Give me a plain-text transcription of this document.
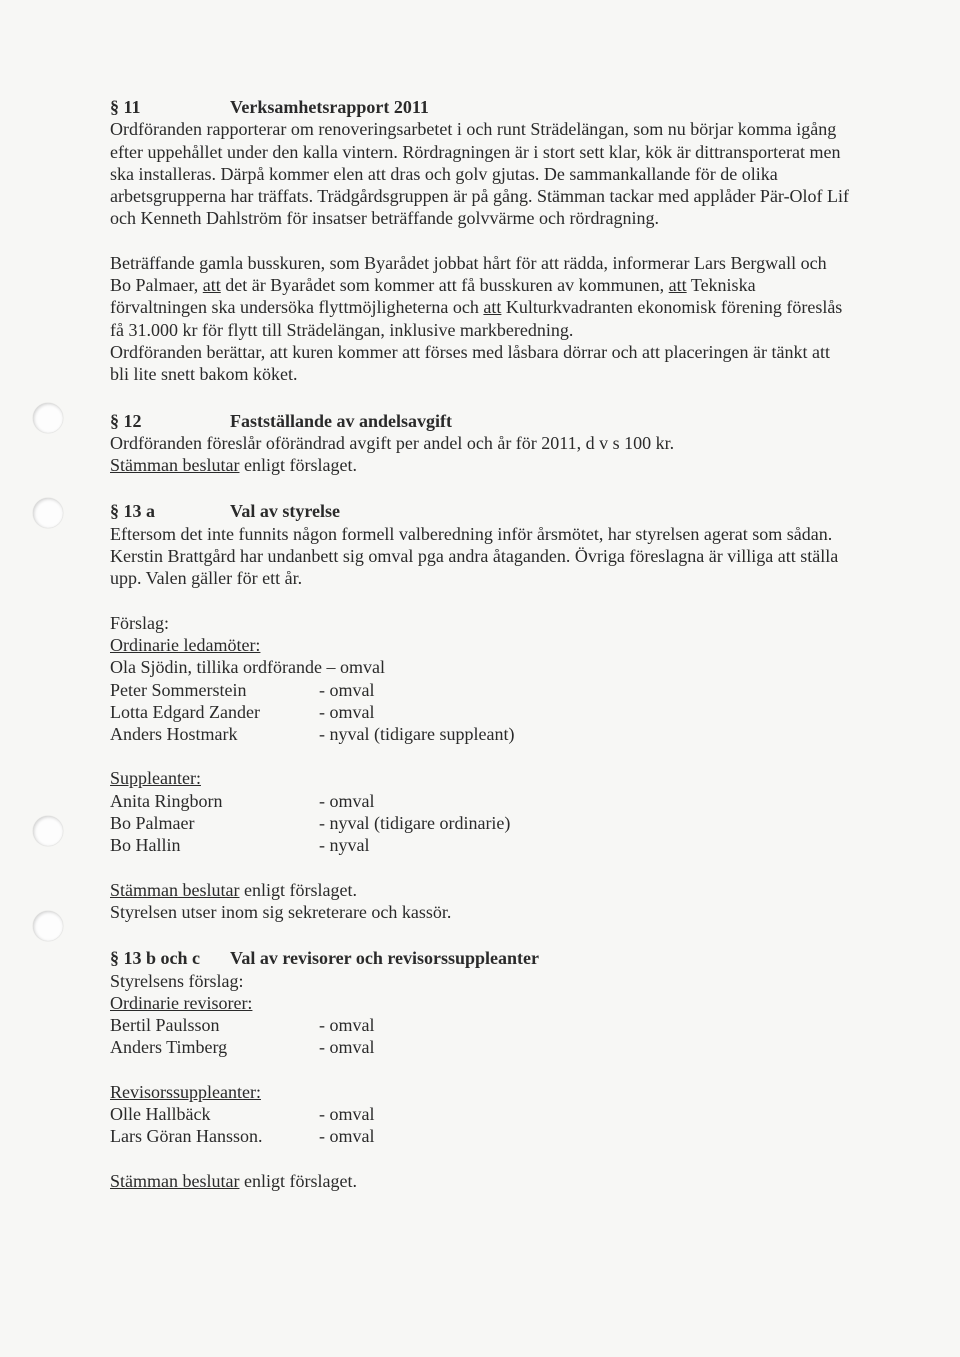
§ 11	Verksamhetsrapport 2011

Ordföranden rapporterar om renoveringsarbetet i och runt Strädelängan, som nu börjar komma igång efter uppehållet under den kalla vintern. Rördragningen är i stort sett klar, kök är dittransporterat men ska installeras. Därpå kommer elen att dras och golv gjutas. De sammankallande för de olika arbetsgrupperna har träffats. Trädgårdsgruppen är på gång. Stämman tackar med applåder Pär-Olof Lif och Kenneth Dahlström för insatser beträffande golvvärme och rördragning.

Beträffande gamla busskuren, som Byarådet jobbat hårt för att rädda, informerar Lars Bergwall och Bo Palmaer, att det är Byarådet som kommer att få busskuren av kommunen, att Tekniska förvaltningen ska undersöka flyttmöjligheterna och att Kulturkvadranten ekonomisk förening föreslås få 31.000 kr för flytt till Strädelängan, inklusive markberedning.

Ordföranden berättar, att kuren kommer att förses med låsbara dörrar och att placeringen är tänkt att bli lite snett bakom köket.

§ 12	Fastställande av andelsavgift

Ordföranden föreslår oförändrad avgift per andel och år för 2011, d v s 100 kr.

Stämman beslutar enligt förslaget.

§ 13 a	Val av styrelse

Eftersom det inte funnits någon formell valberedning inför årsmötet, har styrelsen agerat som sådan. Kerstin Brattgård har undanbett sig omval pga andra åtaganden. Övriga föreslagna är villiga att ställa upp. Valen gäller för ett år.

Förslag:

Ordinarie ledamöter:

Ola Sjödin, tillika ordförande – omval

Peter Sommerstein	- omval
Lotta Edgard Zander	- omval
Anders Hostmark	- nyval (tidigare suppleant)

Suppleanter:

Anita Ringborn	- omval
Bo Palmaer	- nyval (tidigare ordinarie)
Bo Hallin	- nyval

Stämman beslutar enligt förslaget.

Styrelsen utser inom sig sekreterare och kassör.

§ 13 b och c	Val av revisorer och revisorssuppleanter

Styrelsens förslag:

Ordinarie revisorer:

Bertil Paulsson	- omval
Anders Timberg	- omval

Revisorssuppleanter:

Olle Hallbäck	- omval
Lars Göran Hansson.	- omval

Stämman beslutar enligt förslaget.
